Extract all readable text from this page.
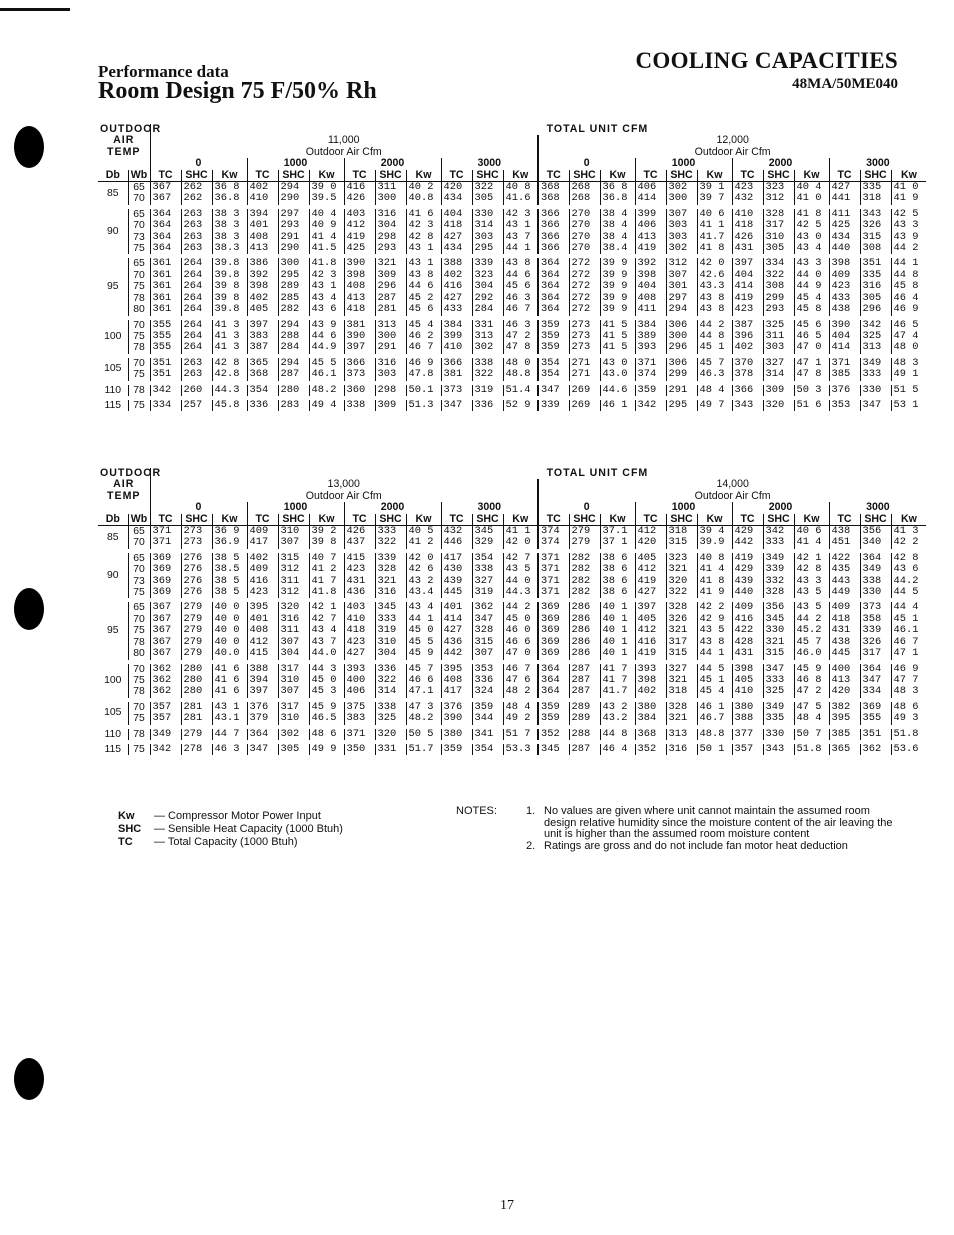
Performance data
Room Design 75 F/50% Rh
COOLING CAPACITIES
48MA/50ME040
OUTDOOR		TOTAL UNIT CFM																							
AIR		11,000												12,000											
TEMP		Outdoor Air Cfm												Outdoor Air Cfm											
		0			1000			2000			3000			0			1000			2000			3000		
Db	Wb	TC	SHC	Kw	TC	SHC	Kw	TC	SHC	Kw	TC	SHC	Kw	TC	SHC	Kw	TC	SHC	Kw	TC	SHC	Kw	TC	SHC	Kw
85	65	367	262	36 8	402	294	39 0	416	311	40 2	420	322	40 8	368	268	36 8	406	302	39 1	423	323	40 4	427	335	41 0
	70	367	262	36.8	410	290	39.5	426	300	40.8	434	305	41.6	368	268	36.8	414	300	39 7	432	312	41 0	441	318	41 9
90	65	364	263	38 3	394	297	40 4	403	316	41 6	404	330	42 3	366	270	38 4	399	307	40 6	410	328	41 8	411	343	42 5
	70	364	263	38 3	401	293	40 9	412	304	42 3	418	314	43 1	366	270	38 4	406	303	41 1	418	317	42 5	425	326	43 3
	73	364	263	38 3	408	291	41 4	419	298	42 8	427	303	43 7	366	270	38 4	413	303	41.7	426	310	43 0	434	315	43 9
	75	364	263	38.3	413	290	41.5	425	293	43 1	434	295	44 1	366	270	38.4	419	302	41 8	431	305	43 4	440	308	44 2
95	65	361	264	39.8	386	300	41.8	390	321	43 1	388	339	43 8	364	272	39 9	392	312	42 0	397	334	43 3	398	351	44 1
	70	361	264	39.8	392	295	42 3	398	309	43 8	402	323	44 6	364	272	39 9	398	307	42.6	404	322	44 0	409	335	44 8
	75	361	264	39 8	398	289	43 1	408	296	44 6	416	304	45 6	364	272	39 9	404	301	43.3	414	308	44 9	423	316	45 8
	78	361	264	39 8	402	285	43 4	413	287	45 2	427	292	46 3	364	272	39 9	408	297	43 8	419	299	45 4	433	305	46 4
	80	361	264	39.8	405	282	43 6	418	281	45 6	433	284	46 7	364	272	39 9	411	294	43 8	423	293	45 8	438	296	46 9
100	70	355	264	41 3	397	294	43 9	381	313	45 4	384	331	46 3	359	273	41 5	384	306	44 2	387	325	45 6	390	342	46 5
	75	355	264	41 3	383	288	44 6	390	300	46 2	399	313	47 2	359	273	41 5	389	300	44 8	396	311	46 5	404	325	47 4
	78	355	264	41 3	387	284	44.9	397	291	46 7	410	302	47 8	359	273	41 5	393	296	45 1	402	303	47 0	414	313	48 0
105	70	351	263	42 8	365	294	45 5	366	316	46 9	366	338	48 0	354	271	43 0	371	306	45 7	370	327	47 1	371	349	48 3
	75	351	263	42.8	368	287	46.1	373	303	47.8	381	322	48.8	354	271	43.0	374	299	46.3	378	314	47 8	385	333	49 1
110	78	342	260	44.3	354	280	48.2	360	298	50.1	373	319	51.4	347	269	44.6	359	291	48 4	366	309	50 3	376	330	51 5
115	75	334	257	45.8	336	283	49 4	338	309	51.3	347	336	52 9	339	269	46 1	342	295	49 7	343	320	51 6	353	347	53 1
OUTDOOR		TOTAL UNIT CFM																							
AIR		13,000												14,000											
TEMP		Outdoor Air Cfm												Outdoor Air Cfm											
		0			1000			2000			3000			0			1000			2000			3000		
Db	Wb	TC	SHC	Kw	TC	SHC	Kw	TC	SHC	Kw	TC	SHC	Kw	TC	SHC	Kw	TC	SHC	Kw	TC	SHC	Kw	TC	SHC	Kw
85	65	371	273	36 9	409	310	39 2	426	333	40 5	432	345	41 1	374	279	37.1	412	318	39 4	429	342	40 6	438	356	41 3
	70	371	273	36.9	417	307	39 8	437	322	41 2	446	329	42 0	374	279	37 1	420	315	39.9	442	333	41 4	451	340	42 2
90	65	369	276	38 5	402	315	40 7	415	339	42 0	417	354	42 7	371	282	38 6	405	323	40 8	419	349	42 1	422	364	42 8
	70	369	276	38.5	409	312	41 2	423	328	42 6	430	338	43 5	371	282	38 6	412	321	41 4	429	339	42 8	435	349	43 6
	73	369	276	38 5	416	311	41 7	431	321	43 2	439	327	44 0	371	282	38 6	419	320	41 8	439	332	43 3	443	338	44.2
	75	369	276	38 5	423	312	41.8	436	316	43.4	445	319	44.3	371	282	38 6	427	322	41 9	440	328	43 5	449	330	44 5
95	65	367	279	40 0	395	320	42 1	403	345	43 4	401	362	44 2	369	286	40 1	397	328	42 2	409	356	43 5	409	373	44 4
	70	367	279	40 0	401	316	42 7	410	333	44 1	414	347	45 0	369	286	40 1	405	326	42 9	416	345	44 2	418	358	45 1
	75	367	279	40 0	408	311	43 4	418	319	45 0	427	328	46 0	369	286	40 1	412	321	43 5	422	330	45.2	431	339	46.1
	78	367	279	40 0	412	307	43 7	423	310	45 5	436	315	46 6	369	286	40 1	416	317	43 8	428	321	45 7	438	326	46 7
	80	367	279	40.0	415	304	44.0	427	304	45 9	442	307	47 0	369	286	40 1	419	315	44 1	431	315	46.0	445	317	47 1
100	70	362	280	41 6	388	317	44 3	393	336	45 7	395	353	46 7	364	287	41 7	393	327	44 5	398	347	45 9	400	364	46 9
	75	362	280	41 6	394	310	45 0	400	322	46 6	408	336	47 6	364	287	41 7	398	321	45 1	405	333	46 8	413	347	47 7
	78	362	280	41 6	397	307	45 3	406	314	47.1	417	324	48 2	364	287	41.7	402	318	45 4	410	325	47 2	420	334	48 3
105	70	357	281	43 1	376	317	45 9	375	338	47 3	376	359	48 4	359	289	43 2	380	328	46 1	380	349	47 5	382	369	48 6
	75	357	281	43.1	379	310	46.5	383	325	48.2	390	344	49 2	359	289	43.2	384	321	46.7	388	335	48 4	395	355	49 3
110	78	349	279	44 7	364	302	48 6	371	320	50 5	380	341	51 7	352	288	44 8	368	313	48.8	377	330	50 7	385	351	51.8
115	75	342	278	46 3	347	305	49 9	350	331	51.7	359	354	53.3	345	287	46 4	352	316	50 1	357	343	51.8	365	362	53.6
Kw — Compressor Motor Power Input
SHC — Sensible Heat Capacity (1000 Btuh)
TC — Total Capacity (1000 Btuh)
NOTES:	1. No values are given where unit cannot maintain the assumed room design relative humidity since the moisture content of the air leaving the unit is higher than the assumed room moisture content
2. Ratings are gross and do not include fan motor heat deduction
17
